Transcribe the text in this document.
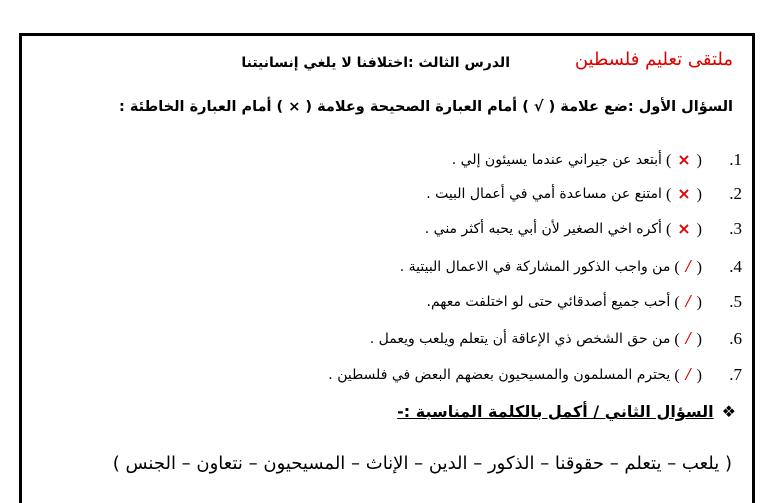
ملتقى تعليم فلسطين
الدرس الثالث :اختلافنا لا يلغي إنسانيتنا
السؤال الأول :ضع علامة ( √ ) أمام العبارة الصحيحة وعلامة ( × ) أمام العبارة الخاطئة :
1.
(×)
أبتعد عن جيراني عندما يسيئون إلي .
2.
(×)
امتنع عن مساعدة أمي في أعمال البيت .
3.
(×)
أكره اخي الصغير لأن أبي يحبه أكثر مني .
4.
(/)
من واجب الذكور المشاركة في الاعمال البيتية .
5.
(/)
أحب جميع أصدقائي حتى لو اختلفت معهم.
6.
(/)
من حق الشخص ذي الإعاقة أن يتعلم ويلعب ويعمل .
7.
(/)
يحترم المسلمون والمسيحيون بعضهم البعض في فلسطين .
❖السؤال الثاني / أكمل بالكلمة المناسبة :-
( يلعب – يتعلم – حقوقنا – الذكور – الدين – الإناث – المسيحيون – نتعاون – الجنس )
